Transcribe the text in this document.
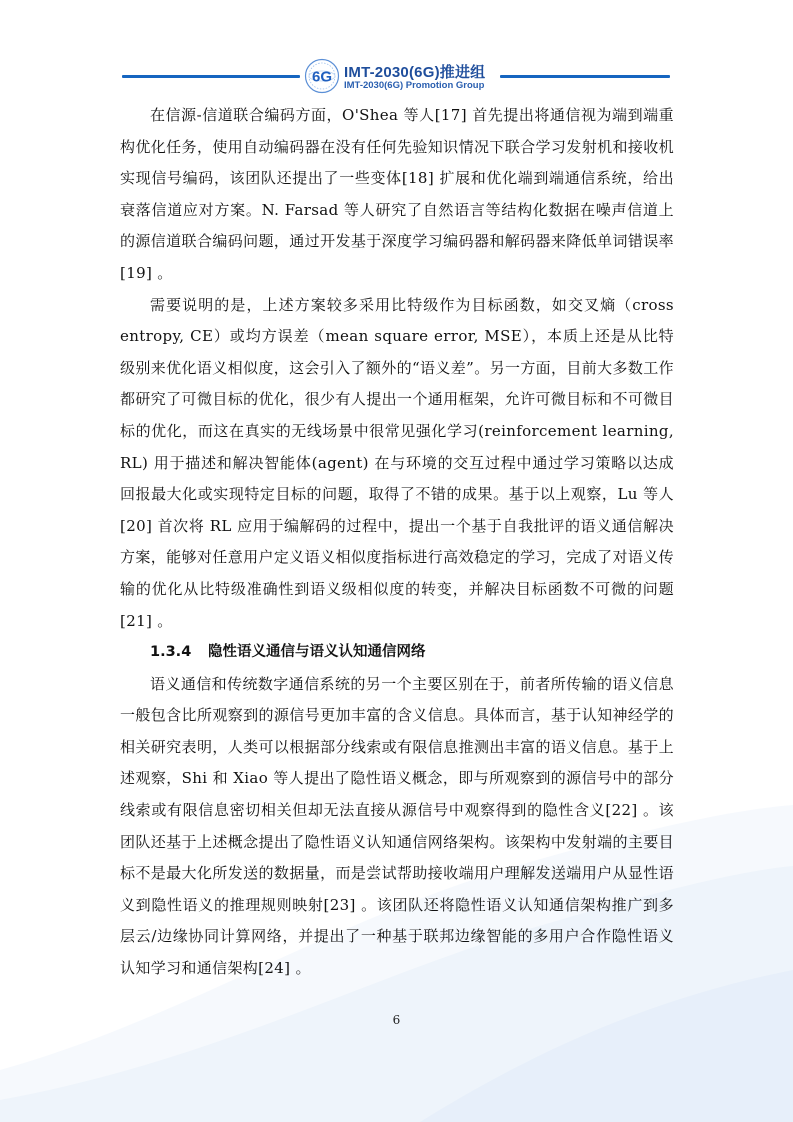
6G IMT-2030(6G)推进组
IMT-2030(6G) Promotion Group

在信源-信道联合编码方面，O'Shea 等人[17] 首先提出将通信视为端到端重构优化任务，使用自动编码器在没有任何先验知识情况下联合学习发射机和接收机实现信号编码，该团队还提出了一些变体[18] 扩展和优化端到端通信系统，给出衰落信道应对方案。N. Farsad 等人研究了自然语言等结构化数据在噪声信道上的源信道联合编码问题，通过开发基于深度学习编码器和解码器来降低单词错误率[19] 。

需要说明的是，上述方案较多采用比特级作为目标函数，如交叉熵（cross entropy, CE）或均方误差（mean square error, MSE），本质上还是从比特级别来优化语义相似度，这会引入了额外的“语义差”。另一方面，目前大多数工作都研究了可微目标的优化，很少有人提出一个通用框架，允许可微目标和不可微目标的优化，而这在真实的无线场景中很常见强化学习(reinforcement learning, RL) 用于描述和解决智能体(agent) 在与环境的交互过程中通过学习策略以达成回报最大化或实现特定目标的问题，取得了不错的成果。基于以上观察，Lu 等人[20] 首次将 RL 应用于编解码的过程中，提出一个基于自我批评的语义通信解决方案，能够对任意用户定义语义相似度指标进行高效稳定的学习，完成了对语义传输的优化从比特级准确性到语义级相似度的转变，并解决目标函数不可微的问题[21] 。

1.3.4 隐性语义通信与语义认知通信网络

语义通信和传统数字通信系统的另一个主要区别在于，前者所传输的语义信息一般包含比所观察到的源信号更加丰富的含义信息。具体而言，基于认知神经学的相关研究表明，人类可以根据部分线索或有限信息推测出丰富的语义信息。基于上述观察，Shi 和 Xiao 等人提出了隐性语义概念，即与所观察到的源信号中的部分线索或有限信息密切相关但却无法直接从源信号中观察得到的隐性含义[22] 。该团队还基于上述概念提出了隐性语义认知通信网络架构。该架构中发射端的主要目标不是最大化所发送的数据量，而是尝试帮助接收端用户理解发送端用户从显性语义到隐性语义的推理规则映射[23] 。该团队还将隐性语义认知通信架构推广到多层云/边缘协同计算网络，并提出了一种基于联邦边缘智能的多用户合作隐性语义认知学习和通信架构[24] 。

6
